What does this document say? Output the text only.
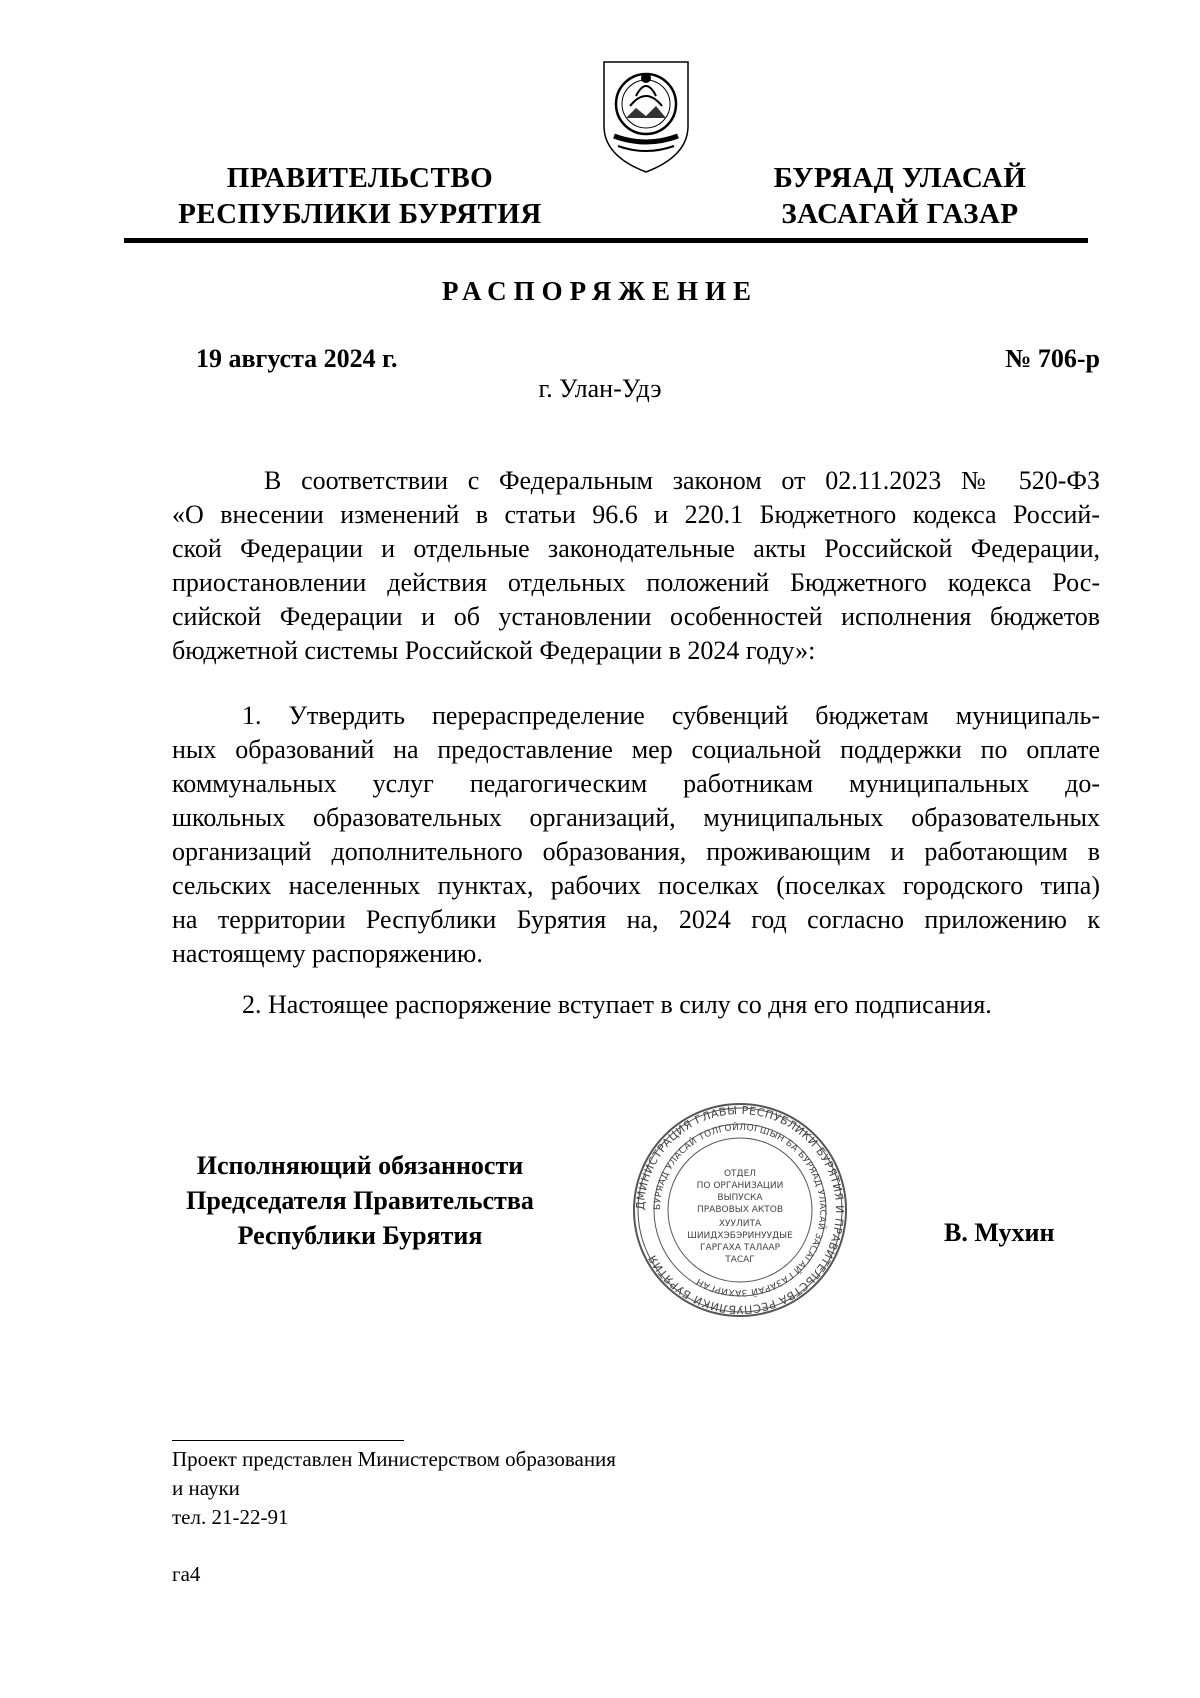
ПРАВИТЕЛЬСТВО
РЕСПУБЛИКИ БУРЯТИЯ
БУРЯАД УЛАСАЙ
ЗАСАГАЙ ГАЗАР
РАСПОРЯЖЕНИЕ
19 августа 2024 г.	№ 706-р
г. Улан-Удэ
В соответствии с Федеральным законом от 02.11.2023 № 520-ФЗ
«О внесении изменений в статьи 96.6 и 220.1 Бюджетного кодекса Россий-
ской Федерации и отдельные законодательные акты Российской Федерации,
приостановлении действия отдельных положений Бюджетного кодекса Рос-
сийской Федерации и об установлении особенностей исполнения бюджетов
бюджетной системы Российской Федерации в 2024 году»:
1. Утвердить перераспределение субвенций бюджетам муниципаль-
ных образований на предоставление мер социальной поддержки по оплате
коммунальных услуг педагогическим работникам муниципальных до-
школьных образовательных организаций, муниципальных образовательных
организаций дополнительного образования, проживающим и работающим в
сельских населенных пунктах, рабочих поселках (поселках городского типа)
на территории Республики Бурятия на, 2024 год согласно приложению к
настоящему распоряжению.
2. Настоящее распоряжение вступает в силу со дня его подписания.
Исполняющий обязанности
Председателя Правительства
Республики Бурятия
ДМИНИСТРАЦИЯ ГЛАВЫ РЕСПУБЛИКИ БУРЯТИЯ И ПРАВИТЕЛЬСТВА РЕСПУБЛИКИ БУРЯТИЯ
БУРЯАД УЛАСАЙ ТОЛГОЙЛОГШЫН БА БУРЯАД УЛАСАЙ ЗАСАГАЙ ГАЗАРАЙ ЗАХИРГАН
ОТДЕЛ
ПО ОРГАНИЗАЦИИ
ВЫПУСКА
ПРАВОВЫХ АКТОВ
ХУУЛИТА
ШИИДХЭБЭРИНУУДЫЕ
ГАРГАХА ТАЛААР
ТАСАГ
В. Мухин
Проект представлен Министерством образования
и науки
тел. 21-22-91
га4
